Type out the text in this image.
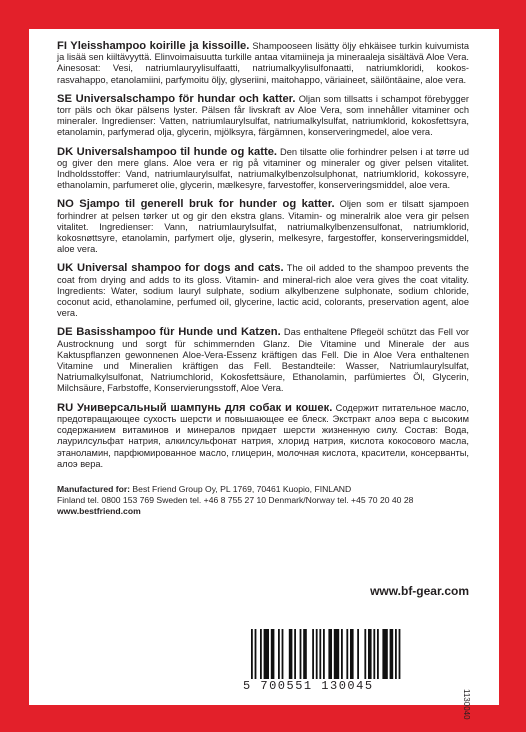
FI Yleisshampoo koirille ja kissoille. Shampooseen lisätty öljy ehkäisee turkin kuivumista ja lisää sen kiiltävyyttä. Elinvoimaisuutta turkille antaa vitamiineja ja mineraaleja sisältävä Aloe Vera. Ainesosat: Vesi, natriumlauryylisulfaatti, natriumalkyylisulfonaatti, natriumkloridi, kookos-rasvahappo, etanolamiini, parfymoitu öljy, glyseriini, maitohappo, väriaineet, säilöntäaine, aloe vera.
SE Universalschampo för hundar och katter. Oljan som tillsatts i schampot förebygger torr päls och ökar pälsens lyster. Pälsen får livskraft av Aloe Vera, som innehåller vitaminer och mineraler. Ingredienser: Vatten, natriumlaurylsulfat, natriumalkylsulfat, natriumklorid, kokosfettsyra, etanolamin, parfymerad olja, glycerin, mjölksyra, färgämnen, konserveringmedel, aloe vera.
DK Universalshampoo til hunde og katte. Den tilsatte olie forhindrer pelsen i at tørre ud og giver den mere glans. Aloe vera er rig på vitaminer og mineraler og giver pelsen vitalitet. Indholdsstoffer: Vand, natriumlaurylsulfat, natriumalkylbenzolsulphonat, natriumklorid, kokossyre, ethanolamin, parfumeret olie, glycerin, mælkesyre, farvestoffer, konserveringsmiddel, aloe vera.
NO Sjampo til generell bruk for hunder og katter. Oljen som er tilsatt sjampoen forhindrer at pelsen tørker ut og gir den ekstra glans. Vitamin- og mineralrik aloe vera gir pelsen vitalitet. Ingredienser: Vann, natriumlaurylsulfat, natriumalkylbenzensulfonat, natriumklorid, kokosnøttsyre, etanolamin, parfymert olje, glyserin, melkesyre, fargestoffer, konserveringsmiddel, aloe vera.
UK Universal shampoo for dogs and cats. The oil added to the shampoo prevents the coat from drying and adds to its gloss. Vitamin- and mineral-rich aloe vera gives the coat vitality. Ingredients: Water, sodium lauryl sulphate, sodium alkylbenzene sulphonate, sodium chloride, coconut acid, ethanolamine, perfumed oil, glycerine, lactic acid, colorants, preservation agent, aloe vera.
DE Basisshampoo für Hunde und Katzen. Das enthaltene Pflegeöl schützt das Fell vor Austrocknung und sorgt für schimmernden Glanz. Die Vitamine und Minerale der aus Kaktuspflanzen gewonnenen Aloe-Vera-Essenz kräftigen das Fell. Die in Aloe Vera enthaltenen Vitamine und Mineralien kräftigen das Fell. Bestandteile: Wasser, Natriumlaurylsulfat, Natriumalkylsulfonat, Natriumchlorid, Kokosfettsäure, Ethanolamin, parfümiertes Öl, Glycerin, Milchsäure, Farbstoffe, Konservierungsstoff, Aloe Vera.
RU Универсальный шампунь для собак и кошек. Содержит питательное масло, предотвращающее сухость шерсти и повышающее ее блеск. Экстракт алоэ вера с высоким содержанием витаминов и минералов придает шерсти жизненную силу. Состав: Вода, лаурилсульфат натрия, алкилсульфонат натрия, хлорид натрия, кислота кокосового масла, этаноламин, парфюмированное масло, глицерин, молочная кислота, красители, консерванты, алоэ вера.
Manufactured for: Best Friend Group Oy, PL 1769, 70461 Kuopio, FINLAND
Finland tel. 0800 153 769 Sweden tel. +46 8 755 27 10 Denmark/Norway tel. +45 70 20 40 28
www.bestfriend.com
www.bf-gear.com
5 700551 130045
1130040
